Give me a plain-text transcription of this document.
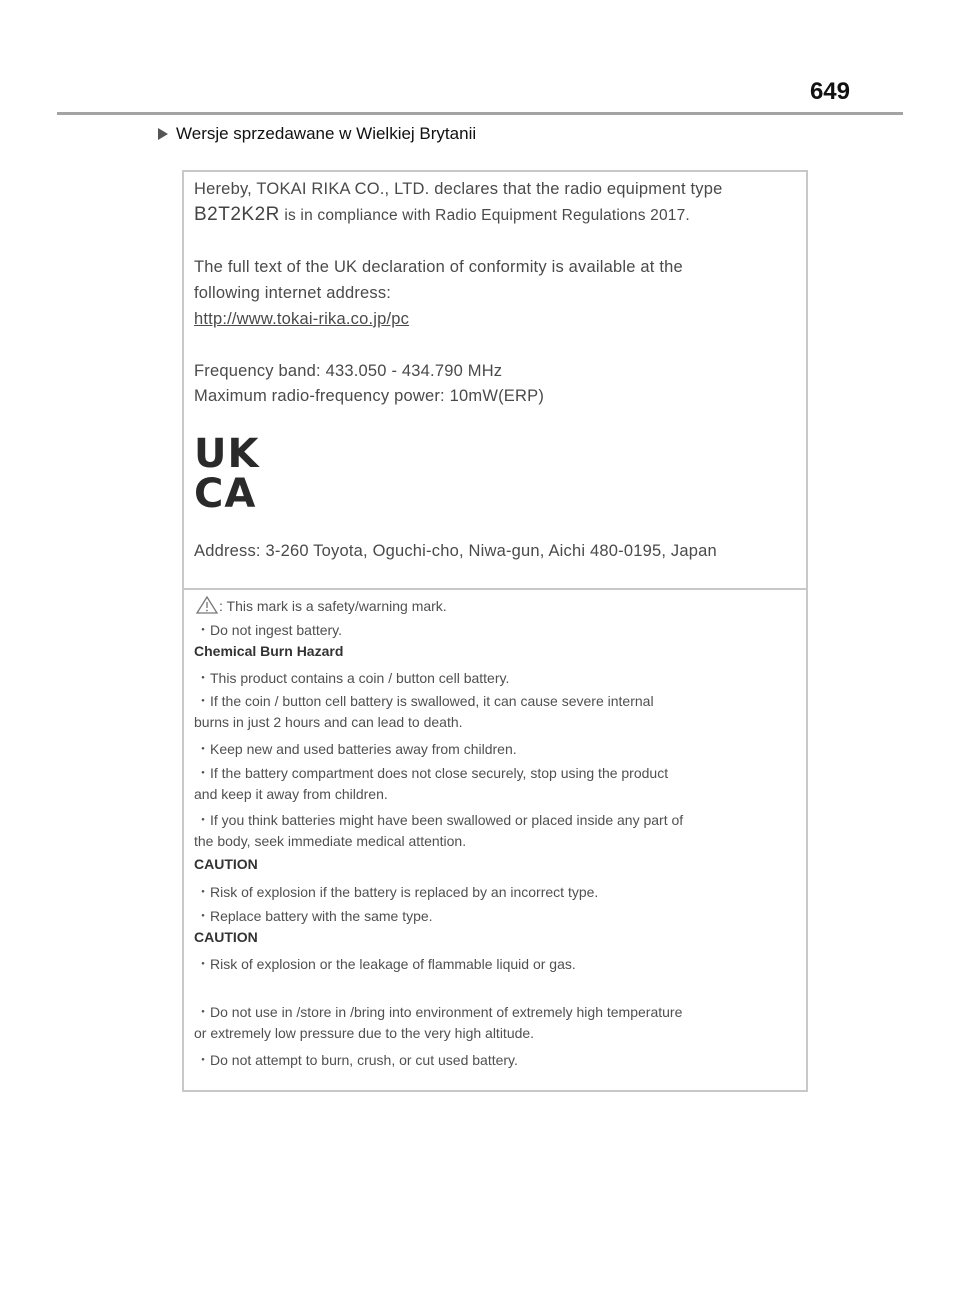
649
Wersje sprzedawane w Wielkiej Brytanii
Hereby, TOKAI RIKA CO., LTD. declares that the radio equipment type
B2T2K2R is in compliance with Radio Equipment Regulations 2017.
The full text of the UK declaration of conformity is available at the
following internet address:
http://www.tokai-rika.co.jp/pc
Frequency band: 433.050 - 434.790 MHz
Maximum radio-frequency power: 10mW(ERP)
UK
CA
Address: 3-260 Toyota, Oguchi-cho, Niwa-gun, Aichi 480-0195, Japan
: This mark is a safety/warning mark.
・Do not ingest battery.
Chemical Burn Hazard
・This product contains a coin / button cell battery.
・If the coin / button cell battery is swallowed, it can cause severe internal
burns in just 2 hours and can lead to death.
・Keep new and used batteries away from children.
・If the battery compartment does not close securely, stop using the product
and keep it away from children.
・If you think batteries might have been swallowed or placed inside any part of
the body, seek immediate medical attention.
CAUTION
・Risk of explosion if the battery is replaced by an incorrect type.
・Replace battery with the same type.
CAUTION
・Risk of explosion or the leakage of flammable liquid or gas.
・Do not use in /store in /bring into environment of extremely high temperature
or extremely low pressure due to the very high altitude.
・Do not attempt to burn, crush, or cut used battery.
